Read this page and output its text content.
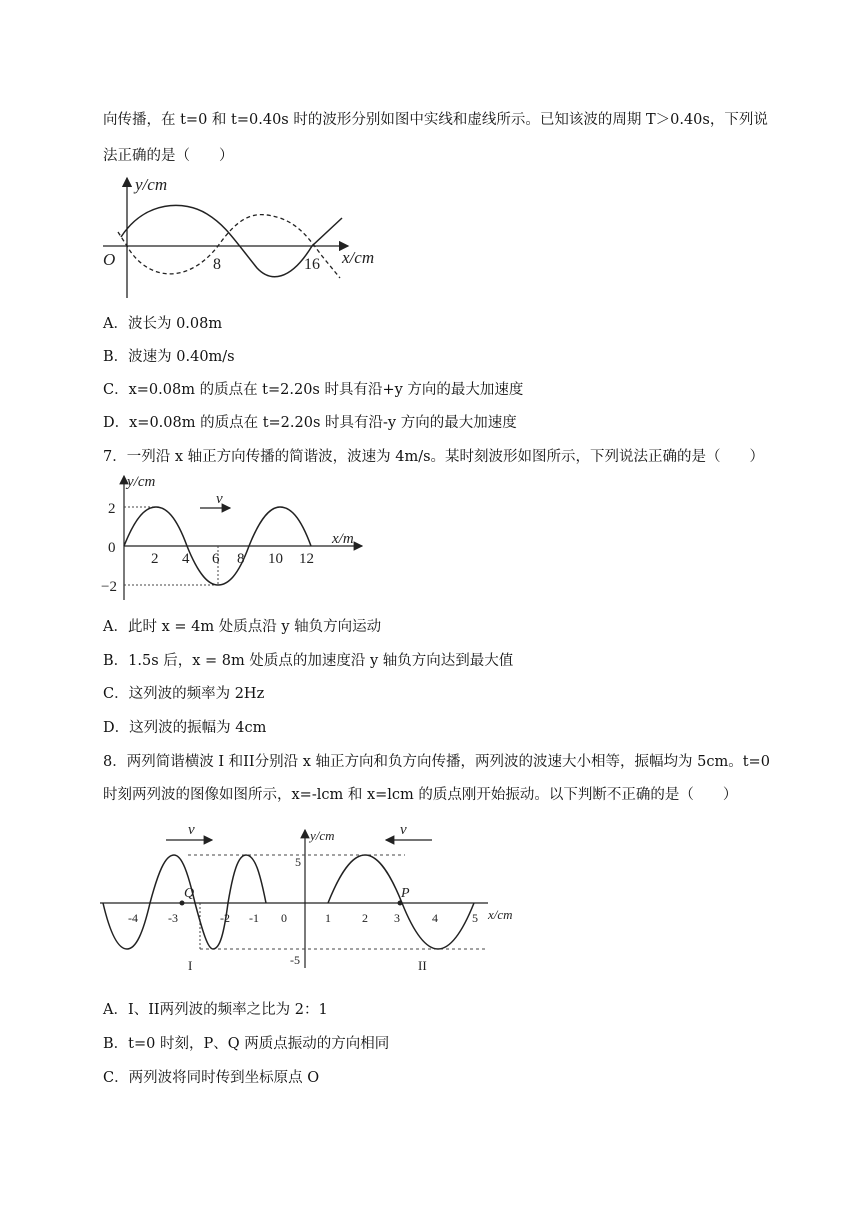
向传播，在 t=0 和 t=0.40s 时的波形分别如图中实线和虚线所示。已知该波的周期 T＞0.40s，下列说
法正确的是（　　）
y/cm
x/cm
O	8	16
A．波长为 0.08m
B．波速为 0.40m/s
C．x=0.08m 的质点在 t=2.20s 时具有沿+y 方向的最大加速度
D．x=0.08m 的质点在 t=2.20s 时具有沿-y 方向的最大加速度
7．一列沿 x 轴正方向传播的简谐波，波速为 4m/s。某时刻波形如图所示，下列说法正确的是（　　）
v
y/cm
x/m
2
0
−2
2 4 6 8 10 12
A．此时 x = 4m 处质点沿 y 轴负方向运动
B．1.5s 后，x = 8m 处质点的加速度沿 y 轴负方向达到最大值
C．这列波的频率为 2Hz
D．这列波的振幅为 4cm
8．两列简谐横波 I 和II分别沿 x 轴正方向和负方向传播，两列波的波速大小相等，振幅均为 5cm。t=0
时刻两列波的图像如图所示，x=-lcm 和 x=lcm 的质点刚开始振动。以下判断不正确的是（　　）
v	v
y/cm
x/cm
5
-5
-4	-3	-2 -1 0	1	2 3	4	5
Q	P
I	II
A．I、II两列波的频率之比为 2：1
B．t=0 时刻，P、Q 两质点振动的方向相同
C．两列波将同时传到坐标原点 O
